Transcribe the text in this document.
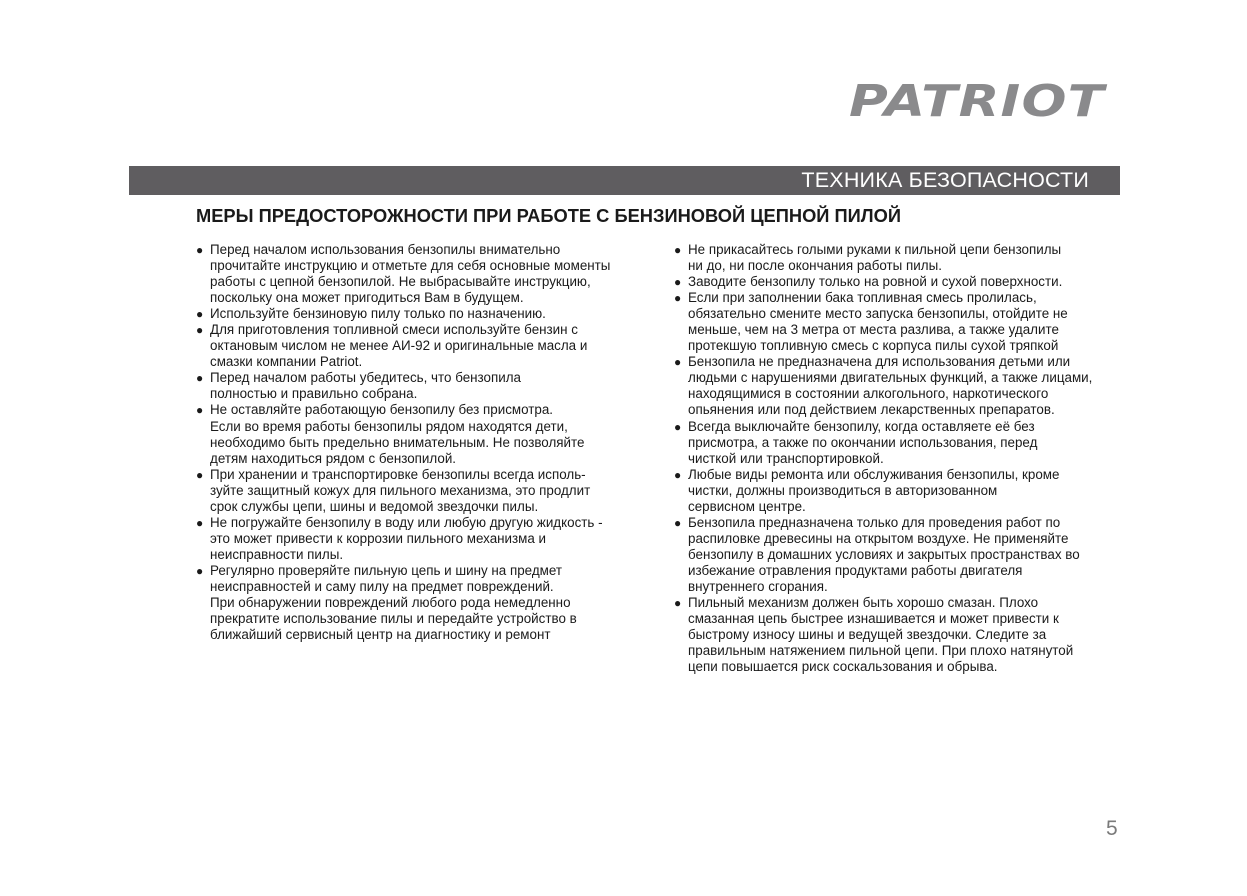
PATRIOT
ТЕХНИКА БЕЗОПАСНОСТИ
МЕРЫ ПРЕДОСТОРОЖНОСТИ ПРИ РАБОТЕ С БЕНЗИНОВОЙ ЦЕПНОЙ ПИЛОЙ
● Перед началом использования бензопилы внимательно
прочитайте инструкцию и отметьте для себя основные моменты
работы с цепной бензопилой. Не выбрасывайте инструкцию,
поскольку она может пригодиться Вам в будущем.
● Используйте бензиновую пилу только по назначению.
● Для приготовления топливной смеси используйте бензин с
октановым числом не менее АИ-92 и оригинальные масла и
смазки компании Patriot.
● Перед началом работы убедитесь, что бензопила
полностью и правильно собрана.
● Не оставляйте работающую бензопилу без присмотра.
Если во время работы бензопилы рядом находятся дети,
необходимо быть предельно внимательным. Не позволяйте
детям находиться рядом с бензопилой.
● При хранении и транспортировке бензопилы всегда исполь-
зуйте защитный кожух для пильного механизма, это продлит
срок службы цепи, шины и ведомой звездочки пилы.
● Не погружайте бензопилу в воду или любую другую жидкость -
это может привести к коррозии пильного механизма и
неисправности пилы.
● Регулярно проверяйте пильную цепь и шину на предмет
неисправностей и саму пилу на предмет повреждений.
При обнаружении повреждений любого рода немедленно
прекратите использование пилы и передайте устройство в
ближайший сервисный центр на диагностику и ремонт
● Не прикасайтесь голыми руками к пильной цепи бензопилы
ни до, ни после окончания работы пилы.
● Заводите бензопилу только на ровной и сухой поверхности.
● Если при заполнении бака топливная смесь пролилась,
обязательно смените место запуска бензопилы, отойдите не
меньше, чем на 3 метра от места разлива, а также удалите
протекшую топливную смесь с корпуса пилы сухой тряпкой
● Бензопила не предназначена для использования детьми или
людьми с нарушениями двигательных функций, а также лицами,
находящимися в состоянии алкогольного, наркотического
опьянения или под действием лекарственных препаратов.
● Всегда выключайте бензопилу, когда оставляете её без
присмотра, а также по окончании использования, перед
чисткой или транспортировкой.
● Любые виды ремонта или обслуживания бензопилы, кроме
чистки, должны производиться в авторизованном
сервисном центре.
● Бензопила предназначена только для проведения работ по
распиловке древесины на открытом воздухе. Не применяйте
бензопилу в домашних условиях и закрытых пространствах во
избежание отравления продуктами работы двигателя
внутреннего сгорания.
● Пильный механизм должен быть хорошо смазан. Плохо
смазанная цепь быстрее изнашивается и может привести к
быстрому износу шины и ведущей звездочки. Следите за
правильным натяжением пильной цепи. При плохо натянутой
цепи повышается риск соскальзования и обрыва.
5
